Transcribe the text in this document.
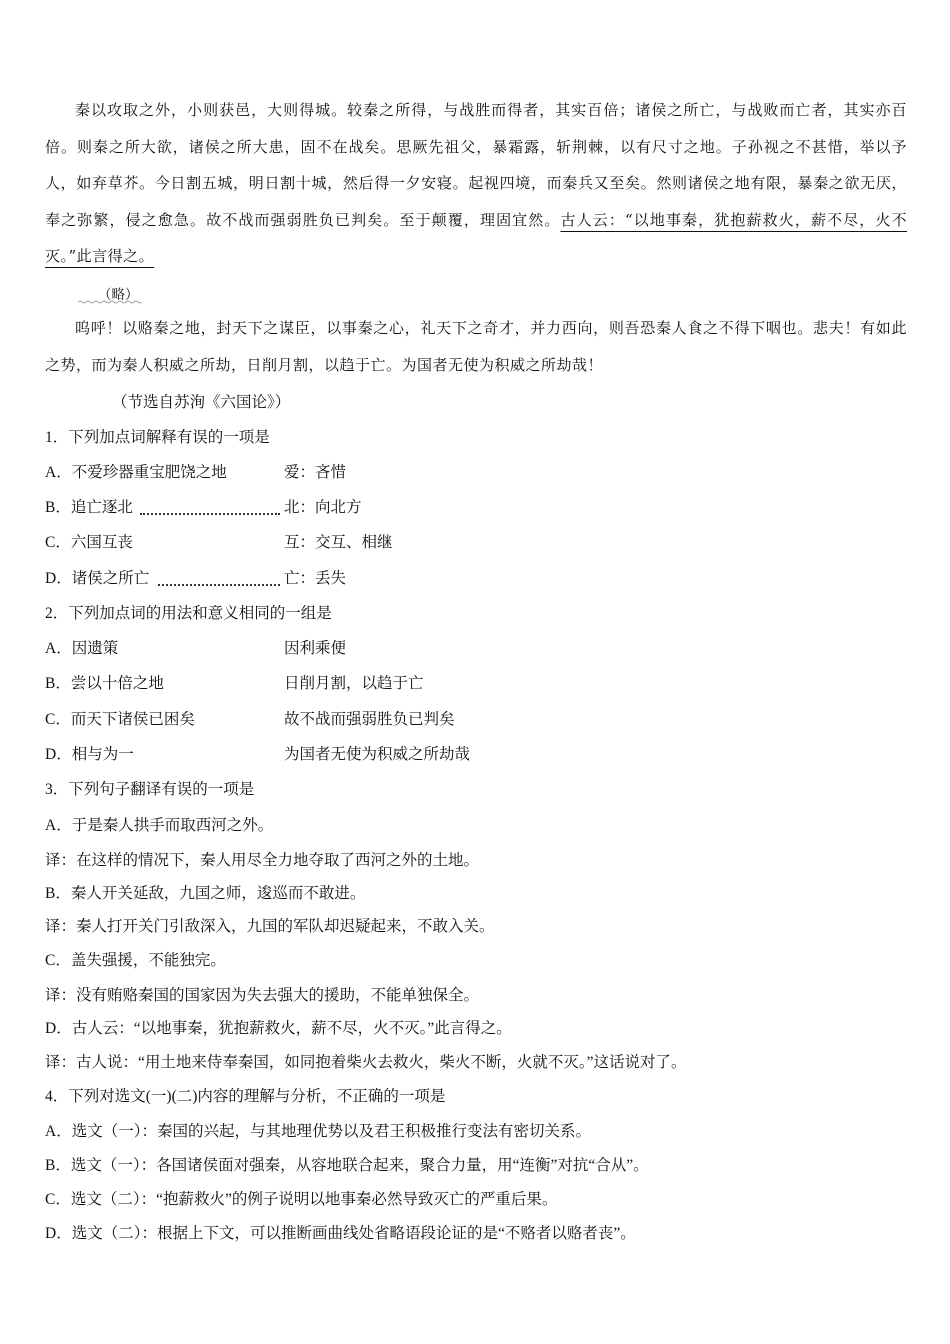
秦以攻取之外，小则获邑，大则得城。较秦之所得，与战胜而得者，其实百倍；诸侯之所亡，与战败而亡者，其实亦百倍。则秦之所大欲，诸侯之所大患，固不在战矣。思厥先祖父，暴霜露，斩荆棘，以有尺寸之地。子孙视之不甚惜，举以予人，如弃草芥。今日割五城，明日割十城，然后得一夕安寝。起视四境，而秦兵又至矣。然则诸侯之地有限，暴秦之欲无厌，奉之弥繁，侵之愈急。故不战而强弱胜负已判矣。至于颠覆，理固宜然。古人云：“以地事秦，犹抱薪救火，薪不尽，火不灭。”此言得之。

（略）

呜呼！以赂秦之地，封天下之谋臣，以事秦之心，礼天下之奇才，并力西向，则吾恐秦人食之不得下咽也。悲夫！有如此之势，而为秦人积威之所劫，日削月割，以趋于亡。为国者无使为积威之所劫哉！

（节选自苏洵《六国论》）
1．下列加点词解释有误的一项是
A．不爱珍器重宝肥饶之地	爱：吝惜
B．追亡逐北	北：向北方
C．六国互丧	互：交互、相继
D．诸侯之所亡	亡：丢失
2．下列加点词的用法和意义相同的一组是
A．因遗策	因利乘便
B．尝以十倍之地	日削月割，以趋于亡
C．而天下诸侯已困矣	故不战而强弱胜负已判矣
D．相与为一	为国者无使为积威之所劫哉
3．下列句子翻译有误的一项是
A．于是秦人拱手而取西河之外。
译：在这样的情况下，秦人用尽全力地夺取了西河之外的土地。
B．秦人开关延敌，九国之师，逡巡而不敢进。
译：秦人打开关门引敌深入，九国的军队却迟疑起来，不敢入关。
C．盖失强援，不能独完。
译：没有贿赂秦国的国家因为失去强大的援助，不能单独保全。
D．古人云：“以地事秦，犹抱薪救火，薪不尽，火不灭。”此言得之。
译：古人说：“用土地来侍奉秦国，如同抱着柴火去救火，柴火不断，火就不灭。”这话说对了。
4．下列对选文(一)(二)内容的理解与分析，不正确的一项是
A．选文（一）：秦国的兴起，与其地理优势以及君王积极推行变法有密切关系。
B．选文（一）：各国诸侯面对强秦，从容地联合起来，聚合力量，用“连衡”对抗“合从”。
C．选文（二）：“抱薪救火”的例子说明以地事秦必然导致灭亡的严重后果。
D．选文（二）：根据上下文，可以推断画曲线处省略语段论证的是“不赂者以赂者丧”。
